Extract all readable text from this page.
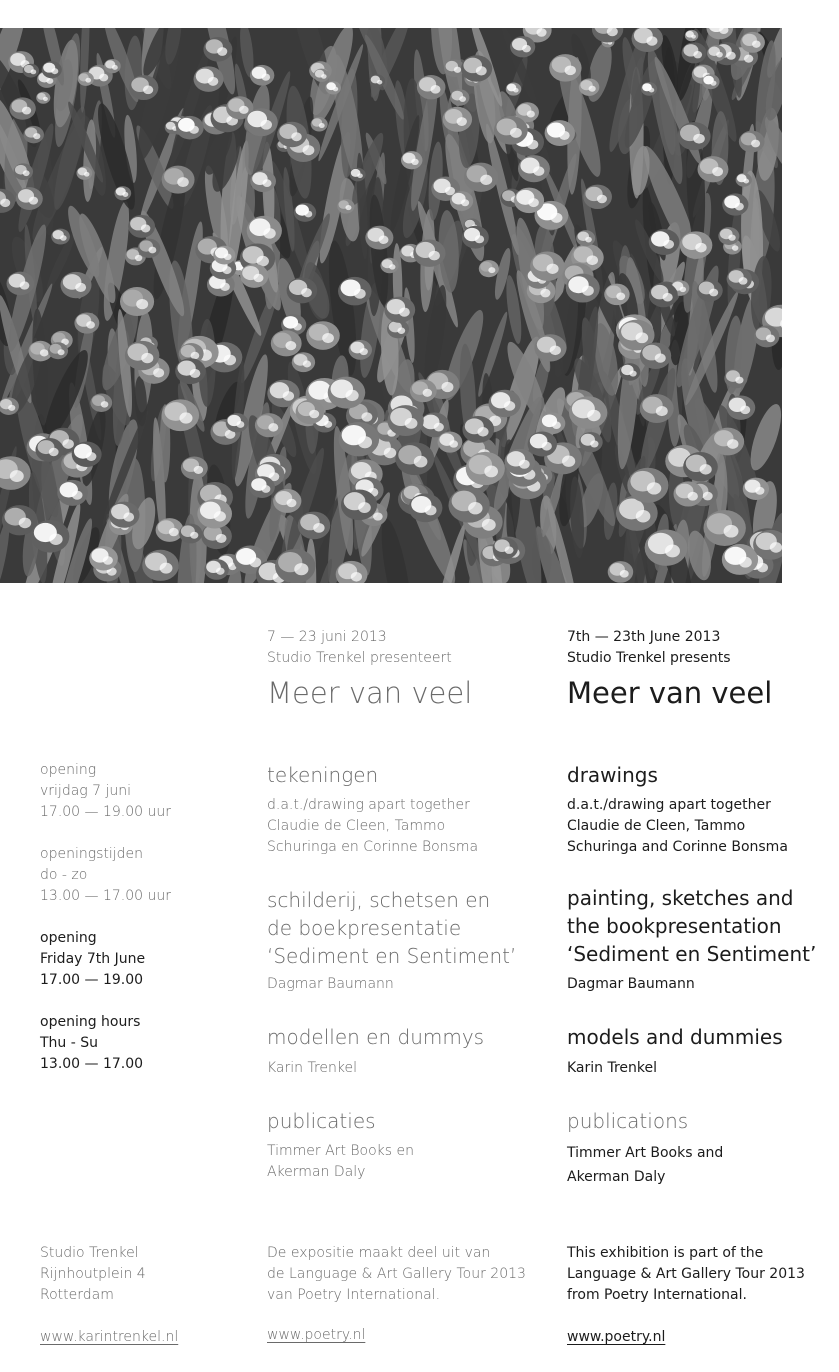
7 — 23 juni 2013
Studio Trenkel presenteert
Meer van veel
7th — 23th June 2013
Studio Trenkel presents
Meer van veel
opening
vrijdag 7 juni
17.00 — 19.00 uur
openingstijden
do - zo
13.00 — 17.00 uur
opening
Friday 7th June
17.00 — 19.00
opening hours
Thu - Su
13.00 — 17.00
tekeningen
d.a.t./drawing apart together
Claudie de Cleen, Tammo
Schuringa en Corinne Bonsma
schilderij, schetsen en
de boekpresentatie
‘Sediment en Sentiment’
Dagmar Baumann
modellen en dummys
Karin Trenkel
publicaties
Timmer Art Books en
Akerman Daly
drawings
d.a.t./drawing apart together
Claudie de Cleen, Tammo
Schuringa and Corinne Bonsma
painting, sketches and
the bookpresentation
‘Sediment en Sentiment’
Dagmar Baumann
models and dummies
Karin Trenkel
publications
Timmer Art Books and
Akerman Daly
Studio Trenkel
Rijnhoutplein 4
Rotterdam
www.karintrenkel.nl
De expositie maakt deel uit van
de Language & Art Gallery Tour 2013
van Poetry International.
www.poetry.nl
This exhibition is part of the
Language & Art Gallery Tour 2013
from Poetry International.
www.poetry.nl
